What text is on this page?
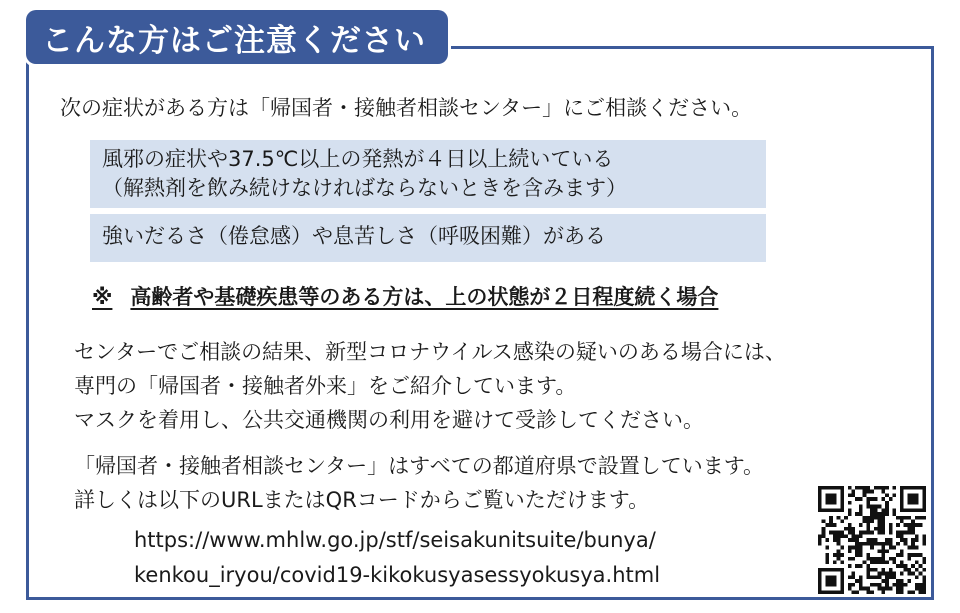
こんな方はご注意ください
次の症状がある方は「帰国者・接触者相談センター」にご相談ください。
風邪の症状や37.5℃以上の発熱が４日以上続いている
（解熱剤を飲み続けなければならないときを含みます）
強いだるさ（倦怠感）や息苦しさ（呼吸困難）がある
※ 高齢者や基礎疾患等のある方は、上の状態が２日程度続く場合
センターでご相談の結果、新型コロナウイルス感染の疑いのある場合には、
専門の「帰国者・接触者外来」をご紹介しています。
マスクを着用し、公共交通機関の利用を避けて受診してください。
「帰国者・接触者相談センター」はすべての都道府県で設置しています。
詳しくは以下のURLまたはQRコードからご覧いただけます。
https://www.mhlw.go.jp/stf/seisakunitsuite/bunya/
kenkou_iryou/covid19-kikokusyasessyokusya.html
